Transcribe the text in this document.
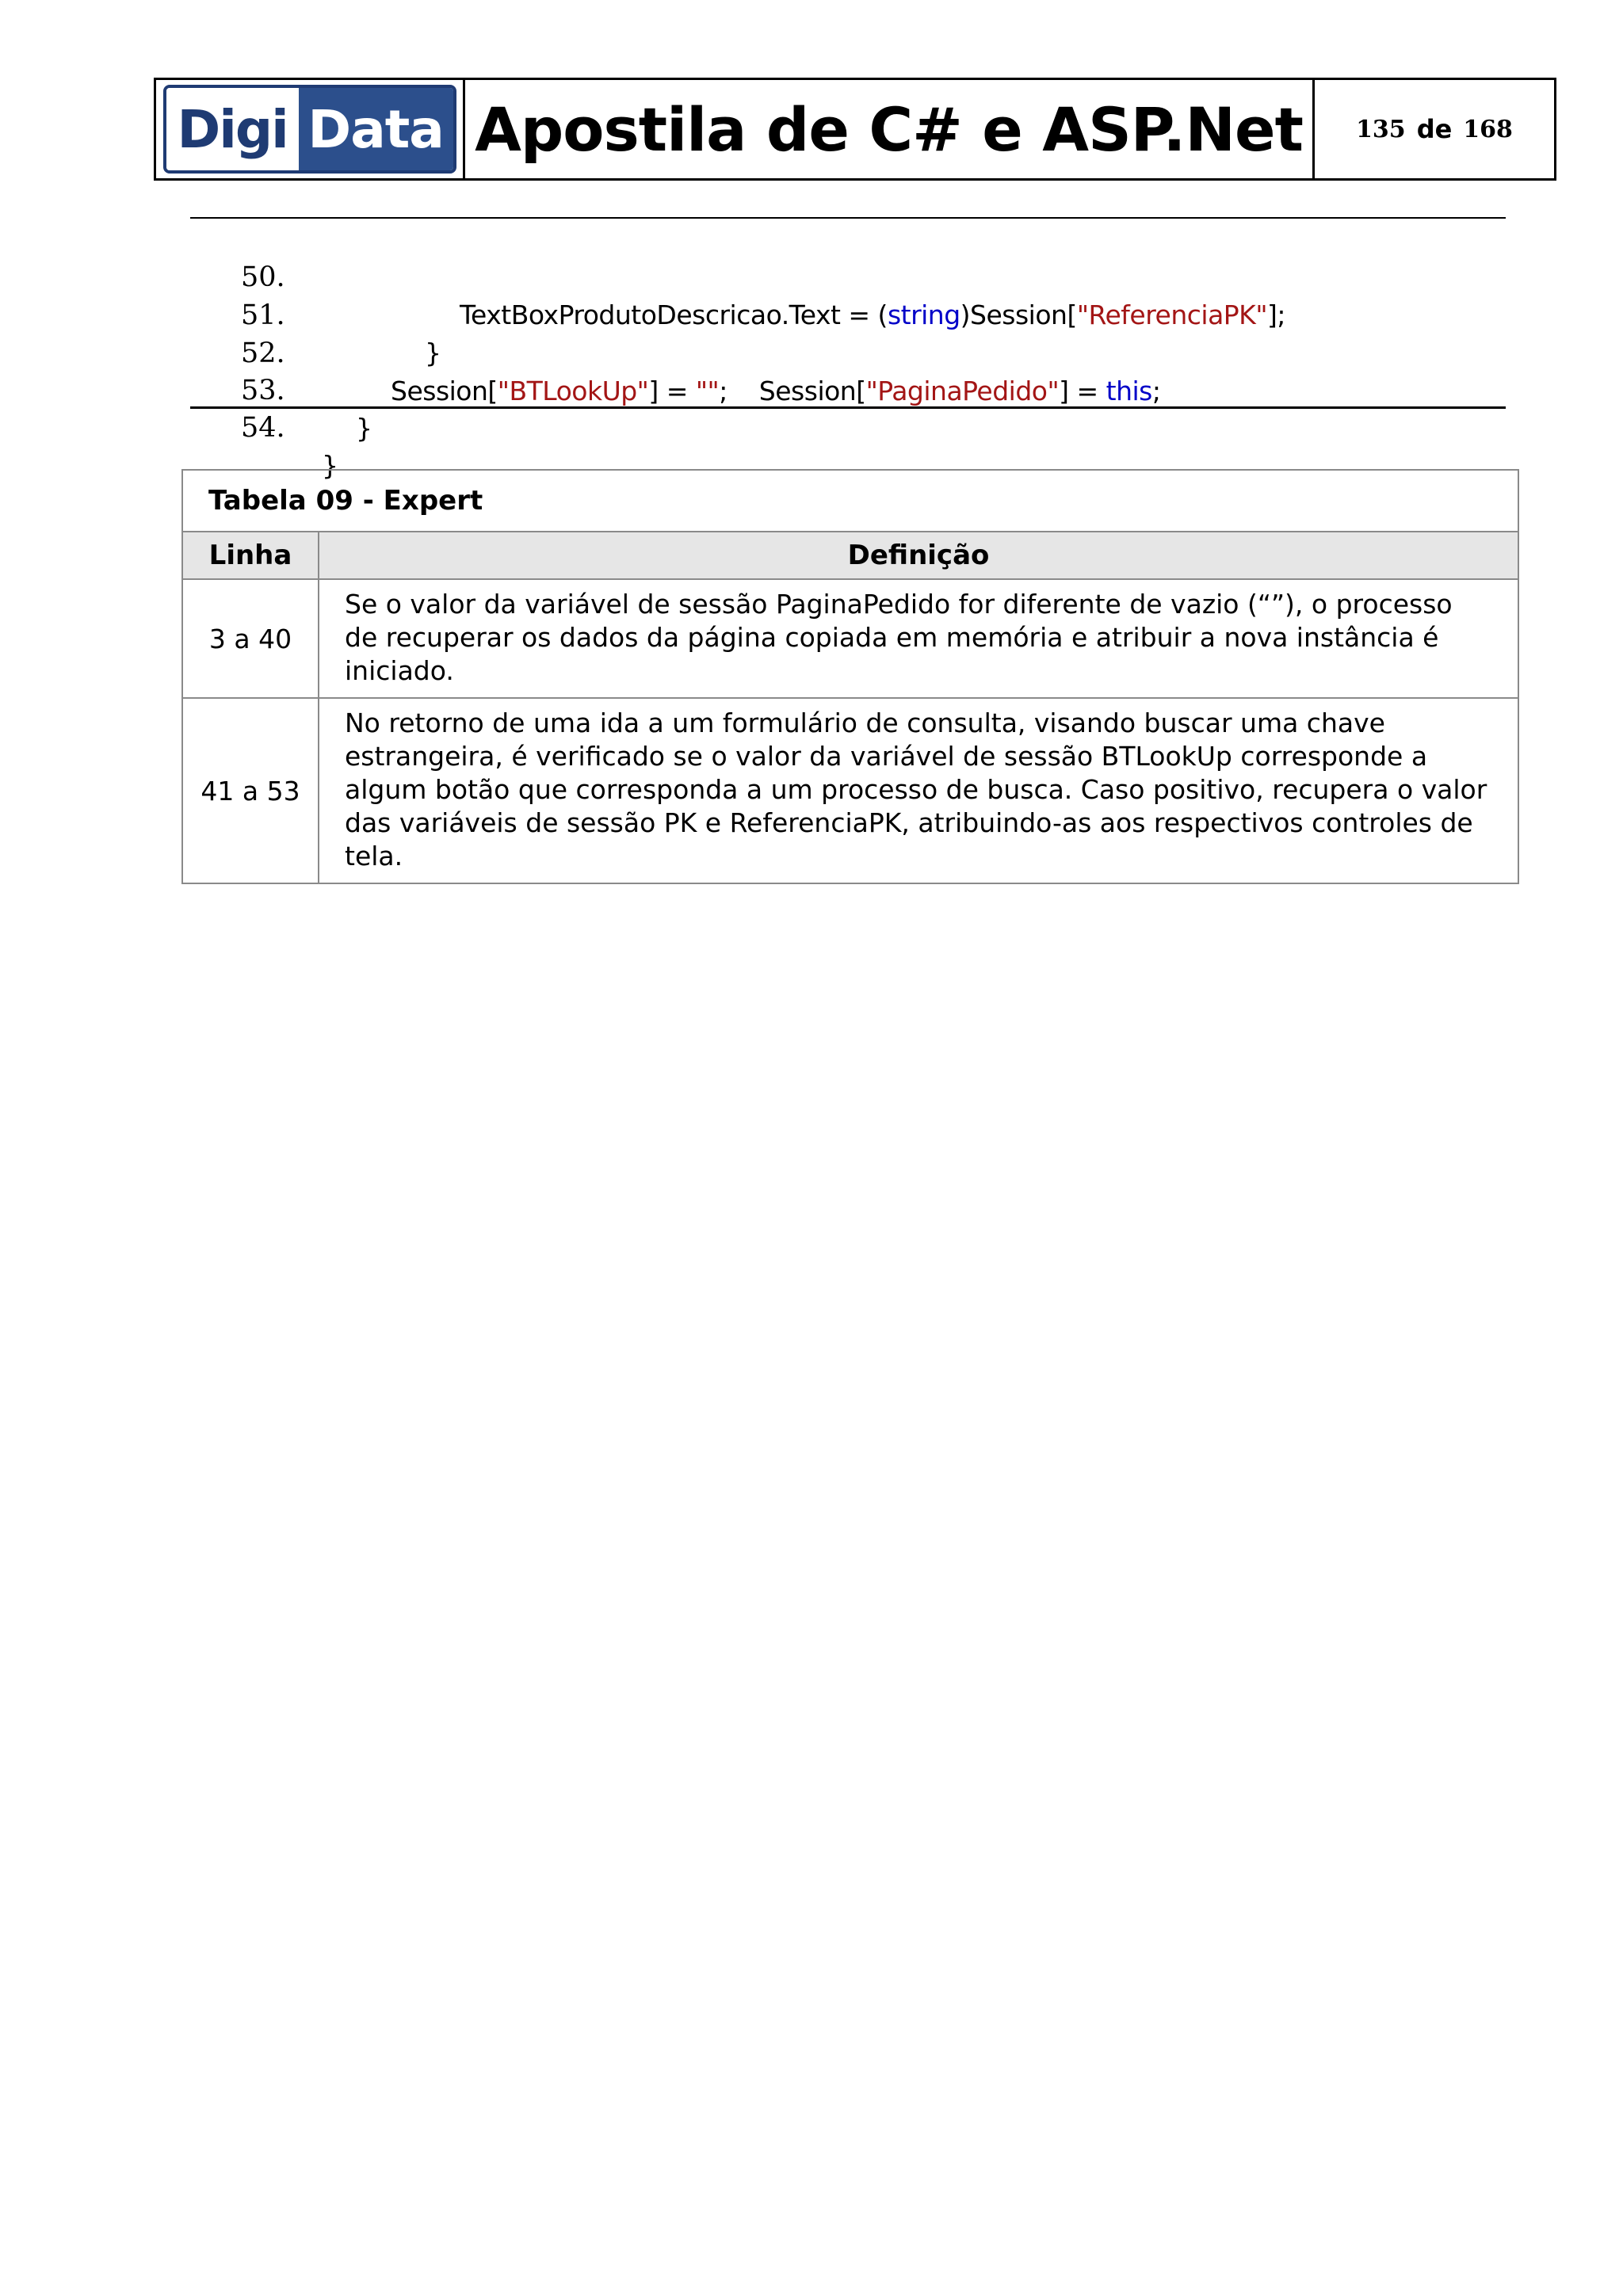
Digi Data Apostila de C# e ASP.Net 135 de 168

50.

TextBoxProdutoDescricao.Text = (string)Session["ReferenciaPK"];

51.

}

52.

Session["BTLookUp"] = "";    Session["PaginaPedido"] = this;

53.

}

54.

}

Tabela 09 - Expert	
Linha	Definição
3 a 40	Se o valor da variável de sessão PaginaPedido for diferente de vazio (“”), o processo de recuperar os dados da página copiada em memória e atribuir a nova instância é iniciado.
41 a 53	No retorno de uma ida a um formulário de consulta, visando buscar uma chave estrangeira, é verificado se o valor da variável de sessão BTLookUp corresponde a algum botão que corresponda a um processo de busca. Caso positivo, recupera o valor das variáveis de sessão PK e ReferenciaPK, atribuindo-as aos respectivos controles de tela.
